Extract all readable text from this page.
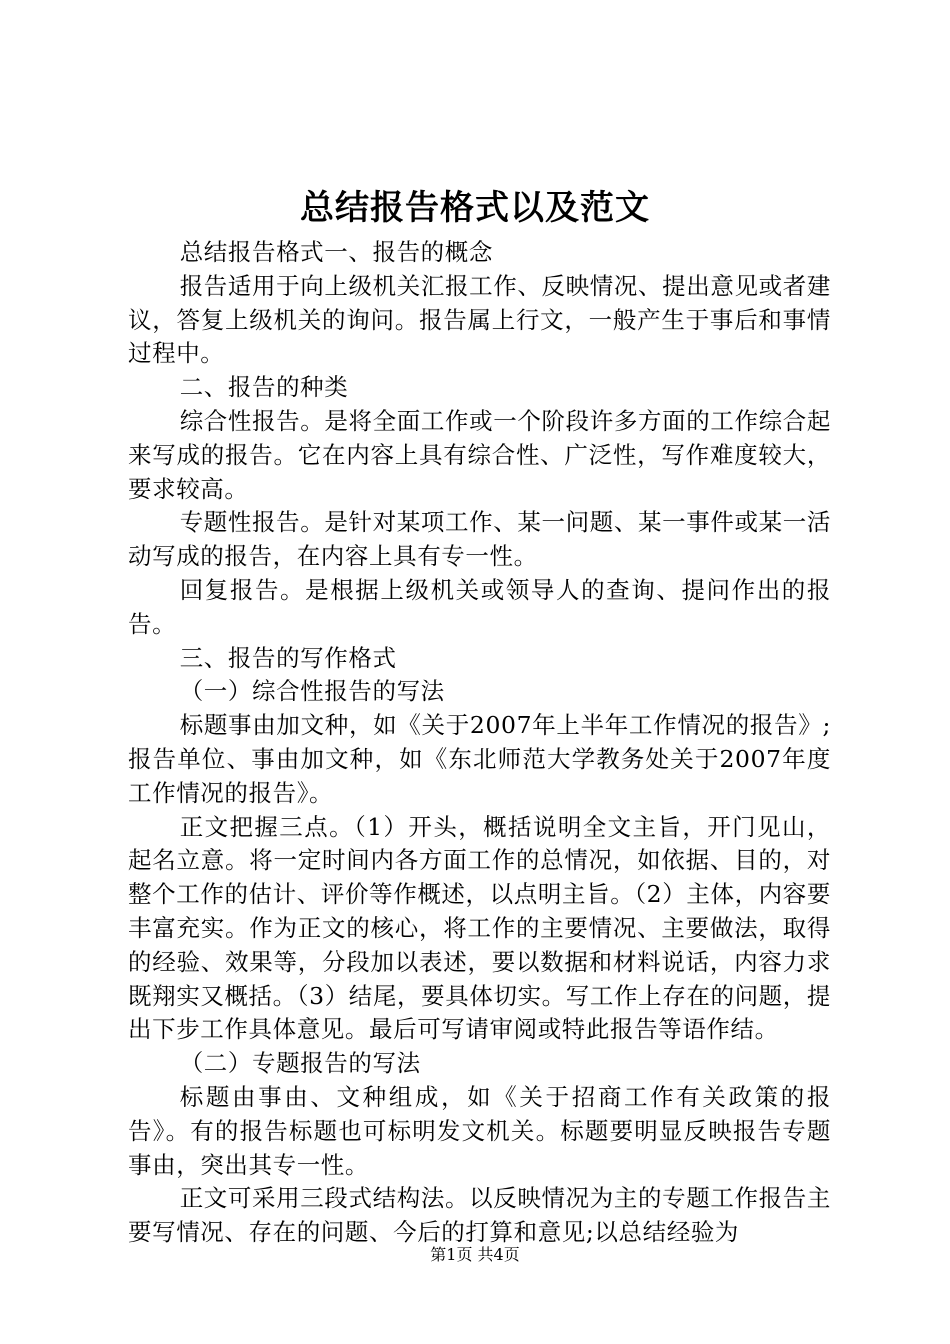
总结报告格式以及范文

总结报告格式一、报告的概念

报告适用于向上级机关汇报工作、反映情况、提出意见或者建议，答复上级机关的询问。报告属上行文，一般产生于事后和事情过程中。

二、报告的种类

综合性报告。是将全面工作或一个阶段许多方面的工作综合起来写成的报告。它在内容上具有综合性、广泛性，写作难度较大，要求较高。

专题性报告。是针对某项工作、某一问题、某一事件或某一活动写成的报告，在内容上具有专一性。

回复报告。是根据上级机关或领导人的查询、提问作出的报告。

三、报告的写作格式

（一）综合性报告的写法

标题事由加文种，如《关于2007年上半年工作情况的报告》;报告单位、事由加文种，如《东北师范大学教务处关于2007年度工作情况的报告》。

正文把握三点。（1）开头，概括说明全文主旨，开门见山，起名立意。将一定时间内各方面工作的总情况，如依据、目的，对整个工作的估计、评价等作概述，以点明主旨。（2）主体，内容要丰富充实。作为正文的核心，将工作的主要情况、主要做法，取得的经验、效果等，分段加以表述，要以数据和材料说话，内容力求既翔实又概括。（3）结尾，要具体切实。写工作上存在的问题，提出下步工作具体意见。最后可写请审阅或特此报告等语作结。

（二）专题报告的写法

标题由事由、文种组成，如《关于招商工作有关政策的报告》。有的报告标题也可标明发文机关。标题要明显反映报告专题事由，突出其专一性。

正文可采用三段式结构法。以反映情况为主的专题工作报告主要写情况、存在的问题、今后的打算和意见;以总结经验为

第1页 共4页
